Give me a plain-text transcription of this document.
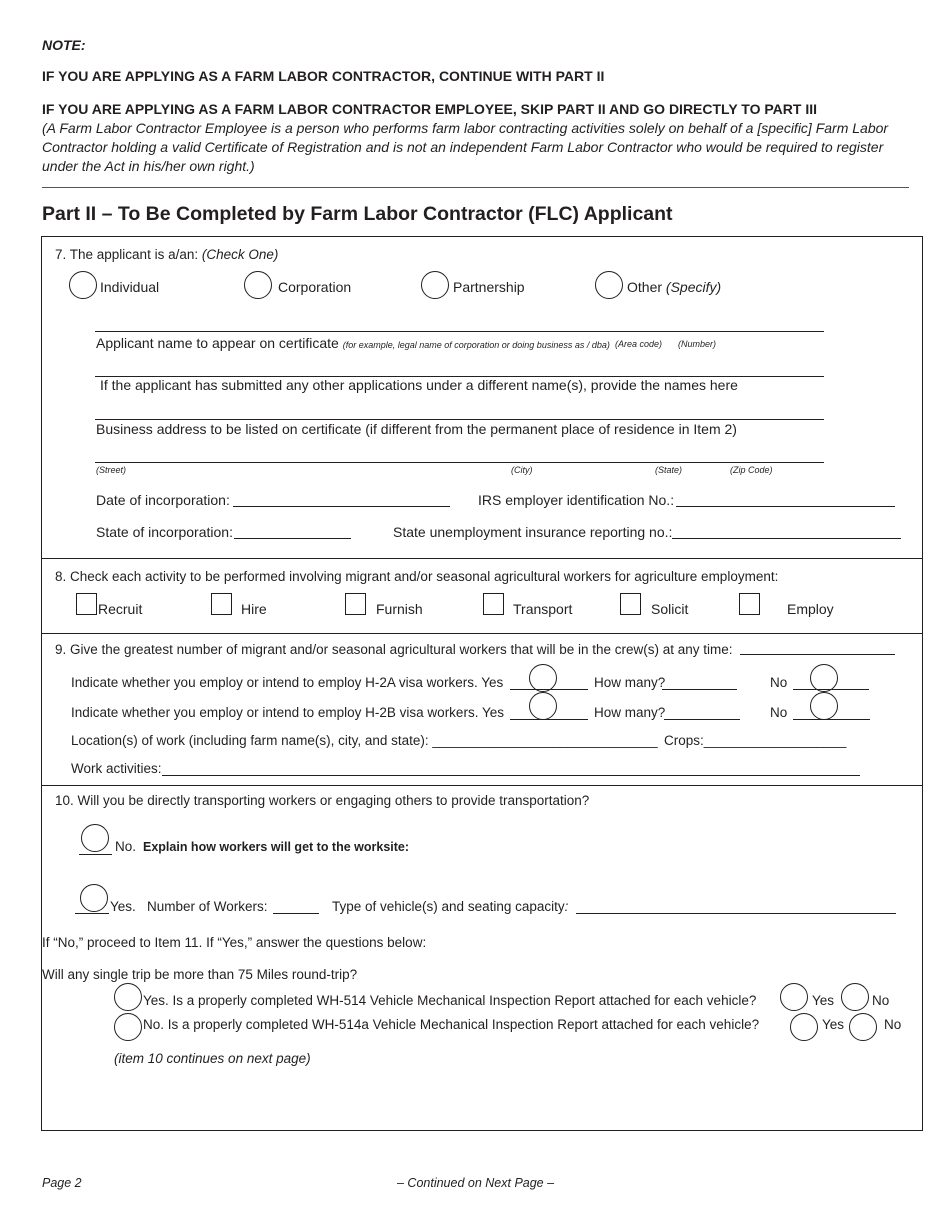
NOTE:
IF YOU ARE APPLYING AS A FARM LABOR CONTRACTOR, CONTINUE WITH PART II
IF YOU ARE APPLYING AS A FARM LABOR CONTRACTOR EMPLOYEE, SKIP PART II AND GO DIRECTLY TO PART III
(A Farm Labor Contractor Employee is a person who performs farm labor contracting activities solely on behalf of a [specific] Farm Labor Contractor holding a valid Certificate of Registration and is not an independent Farm Labor Contractor who would be required to register under the Act in his/her own right.)
Part II – To Be Completed by Farm Labor Contractor (FLC) Applicant
7. The applicant is a/an: (Check One)
Individual	Corporation	Partnership	Other (Specify)
Applicant name to appear on certificate (for example, legal name of corporation or doing business as / dba) (Area code) (Number)
If the applicant has submitted any other applications under a different name(s), provide the names here
Business address to be listed on certificate (if different from the permanent place of residence in Item 2)
(Street)	(City)	(State)	(Zip Code)
Date of incorporation:	IRS employer identification No.:
State of incorporation:	State unemployment insurance reporting no.:
8. Check each activity to be performed involving migrant and/or seasonal agricultural workers for agriculture employment:
Recruit	Hire	Furnish	Transport	Solicit	Employ
9. Give the greatest number of migrant and/or seasonal agricultural workers that will be in the crew(s) at any time:
Indicate whether you employ or intend to employ H-2A visa workers. Yes	How many?	No
Indicate whether you employ or intend to employ H-2B visa workers. Yes	How many?	No
Location(s) of work (including farm name(s), city, and state): ______________________________ Crops:___________________
Work activities:
10. Will you be directly transporting workers or engaging others to provide transportation?
No. Explain how workers will get to the worksite:
Yes. Number of Workers:	Type of vehicle(s) and seating capacity:
If “No,” proceed to Item 11. If “Yes,” answer the questions below:
Will any single trip be more than 75 Miles round-trip?
Yes. Is a properly completed WH-514 Vehicle Mechanical Inspection Report attached for each vehicle?	Yes	No
No. Is a properly completed WH-514a Vehicle Mechanical Inspection Report attached for each vehicle?	Yes	No
(item 10 continues on next page)
Page 2	– Continued on Next Page –
